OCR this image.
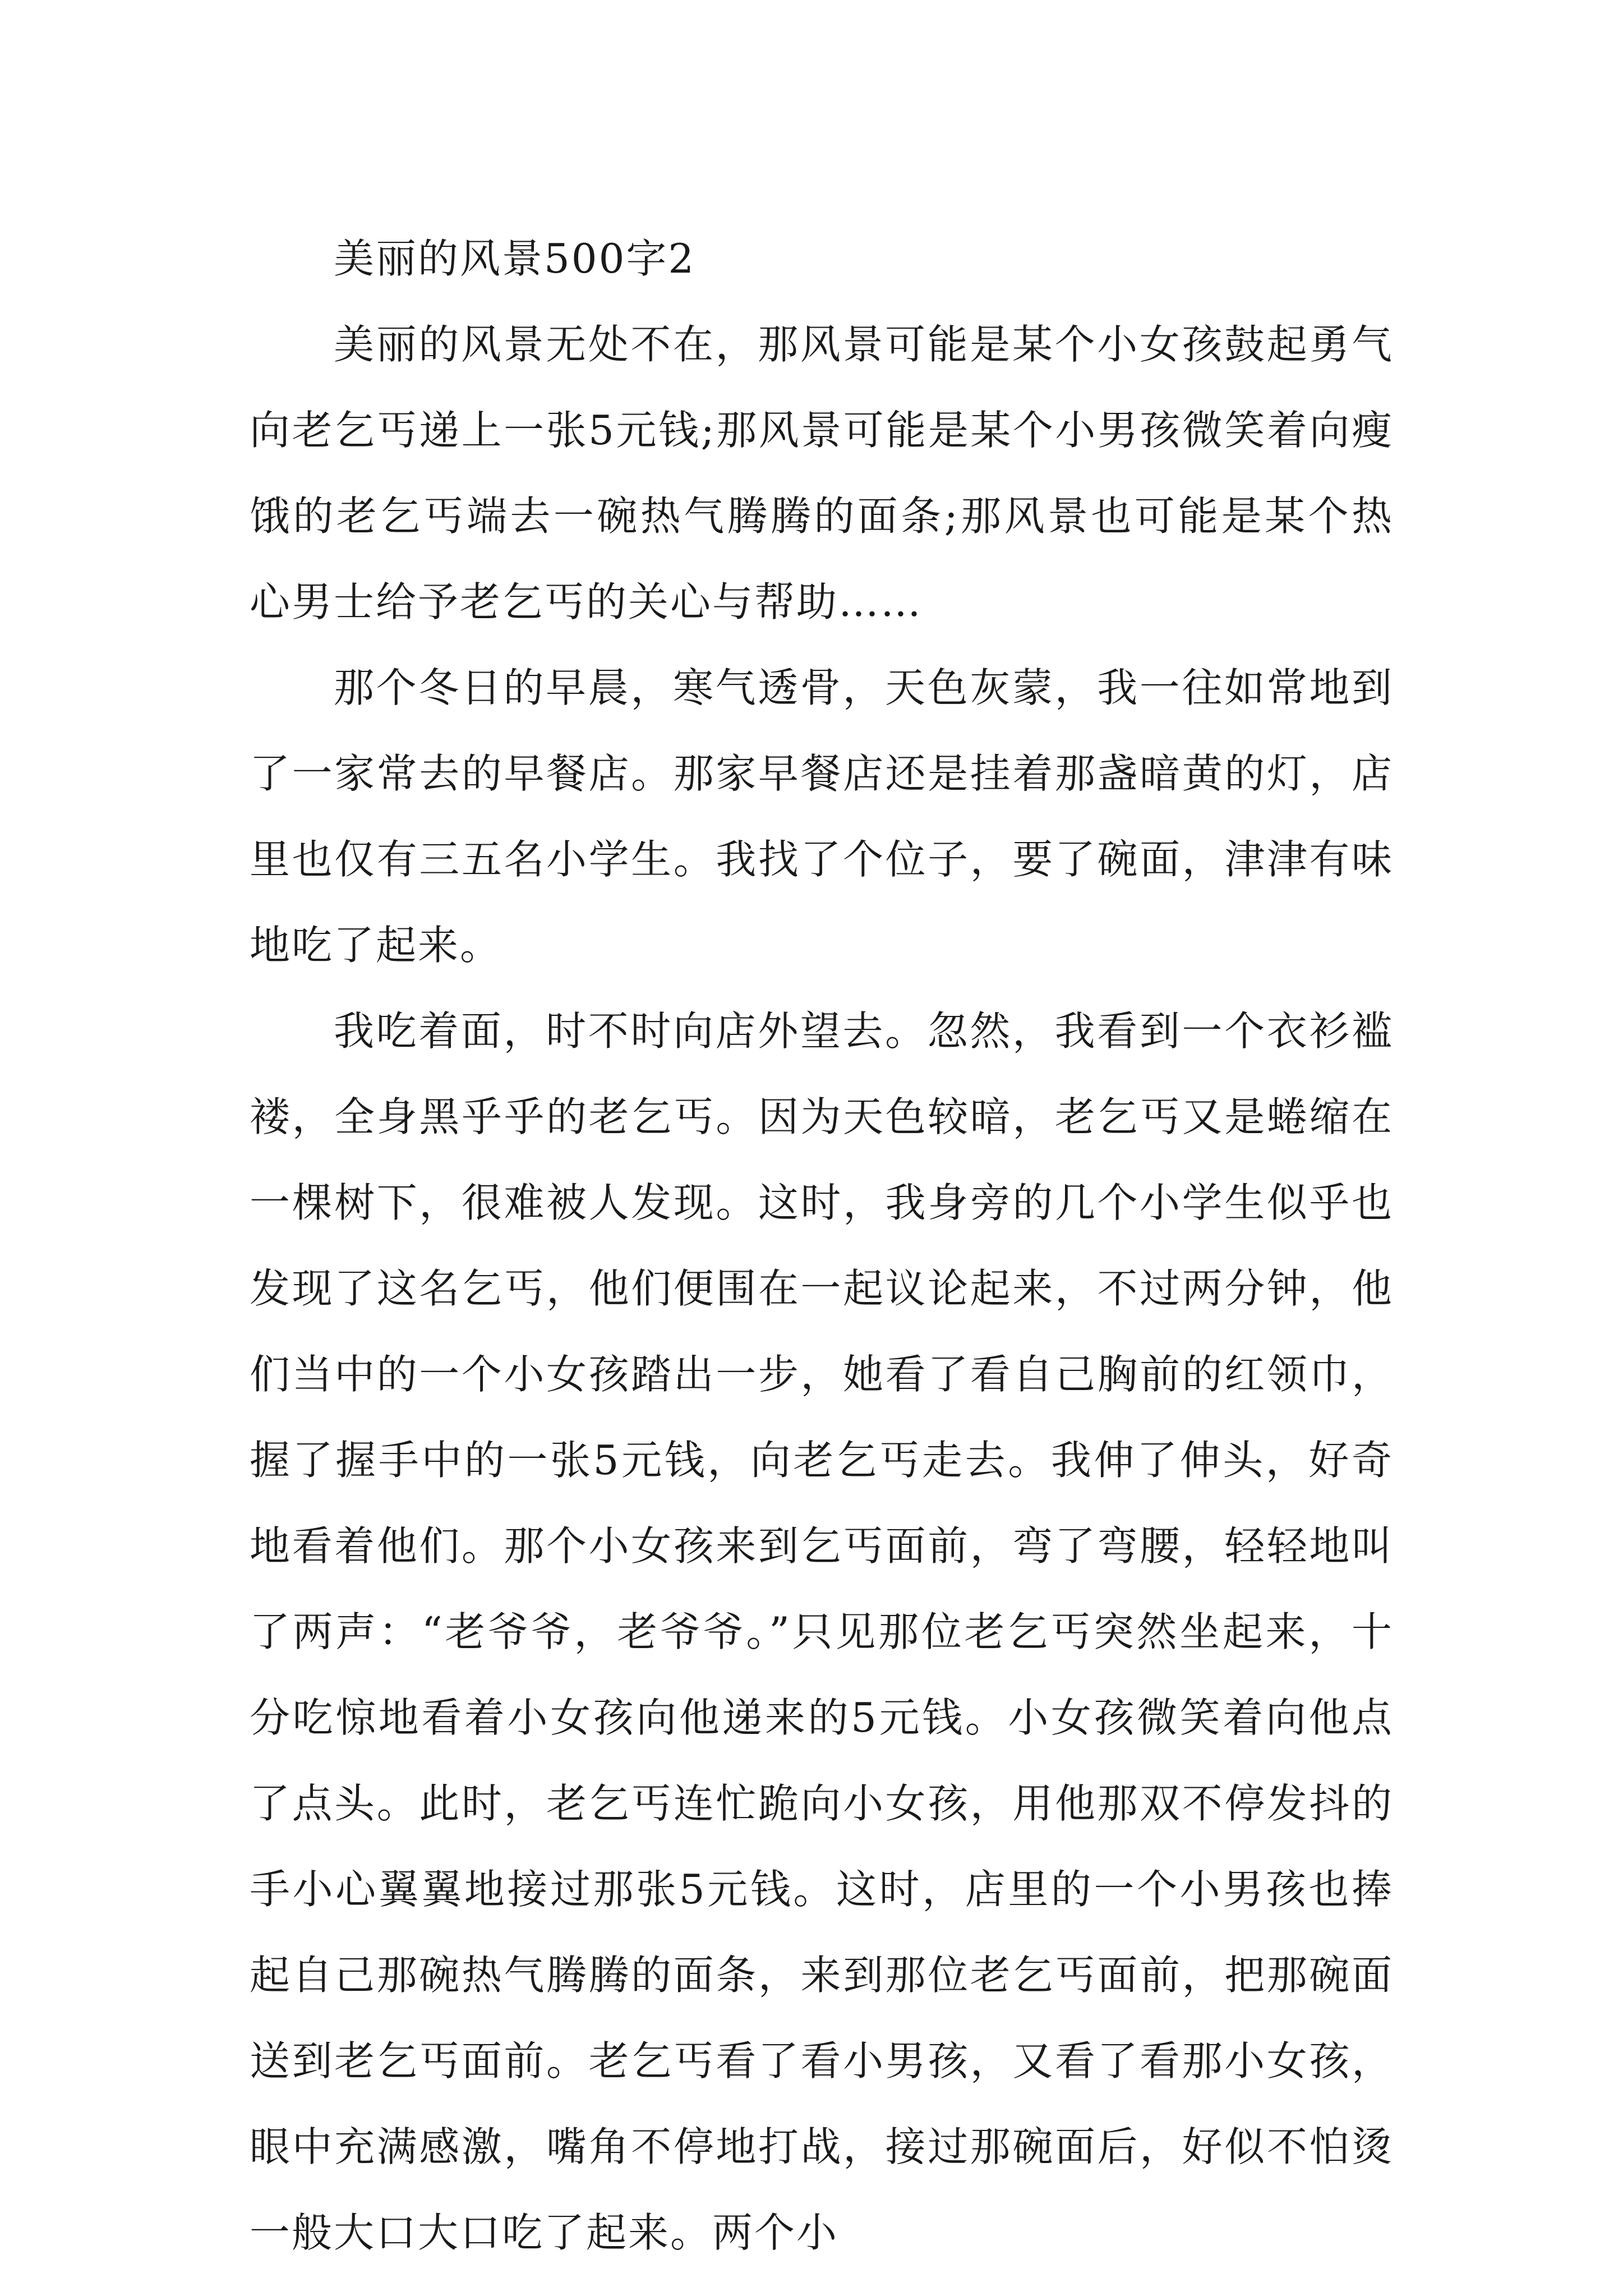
美丽的风景500字2

美丽的风景无处不在，那风景可能是某个小女孩鼓起勇气向老乞丐递上一张5元钱;那风景可能是某个小男孩微笑着向瘦饿的老乞丐端去一碗热气腾腾的面条;那风景也可能是某个热心男士给予老乞丐的关心与帮助……

那个冬日的早晨，寒气透骨，天色灰蒙，我一往如常地到了一家常去的早餐店。那家早餐店还是挂着那盏暗黄的灯，店里也仅有三五名小学生。我找了个位子，要了碗面，津津有味地吃了起来。

我吃着面，时不时向店外望去。忽然，我看到一个衣衫褴褛，全身黑乎乎的老乞丐。因为天色较暗，老乞丐又是蜷缩在一棵树下，很难被人发现。这时，我身旁的几个小学生似乎也发现了这名乞丐，他们便围在一起议论起来，不过两分钟，他们当中的一个小女孩踏出一步，她看了看自己胸前的红领巾，握了握手中的一张5元钱，向老乞丐走去。我伸了伸头，好奇地看着他们。那个小女孩来到乞丐面前，弯了弯腰，轻轻地叫了两声：“老爷爷，老爷爷。”只见那位老乞丐突然坐起来，十分吃惊地看着小女孩向他递来的5元钱。小女孩微笑着向他点了点头。此时，老乞丐连忙跪向小女孩，用他那双不停发抖的手小心翼翼地接过那张5元钱。这时，店里的一个小男孩也捧起自己那碗热气腾腾的面条，来到那位老乞丐面前，把那碗面送到老乞丐面前。老乞丐看了看小男孩，又看了看那小女孩，眼中充满感激，嘴角不停地打战，接过那碗面后，好似不怕烫一般大口大口吃了起来。两个小
